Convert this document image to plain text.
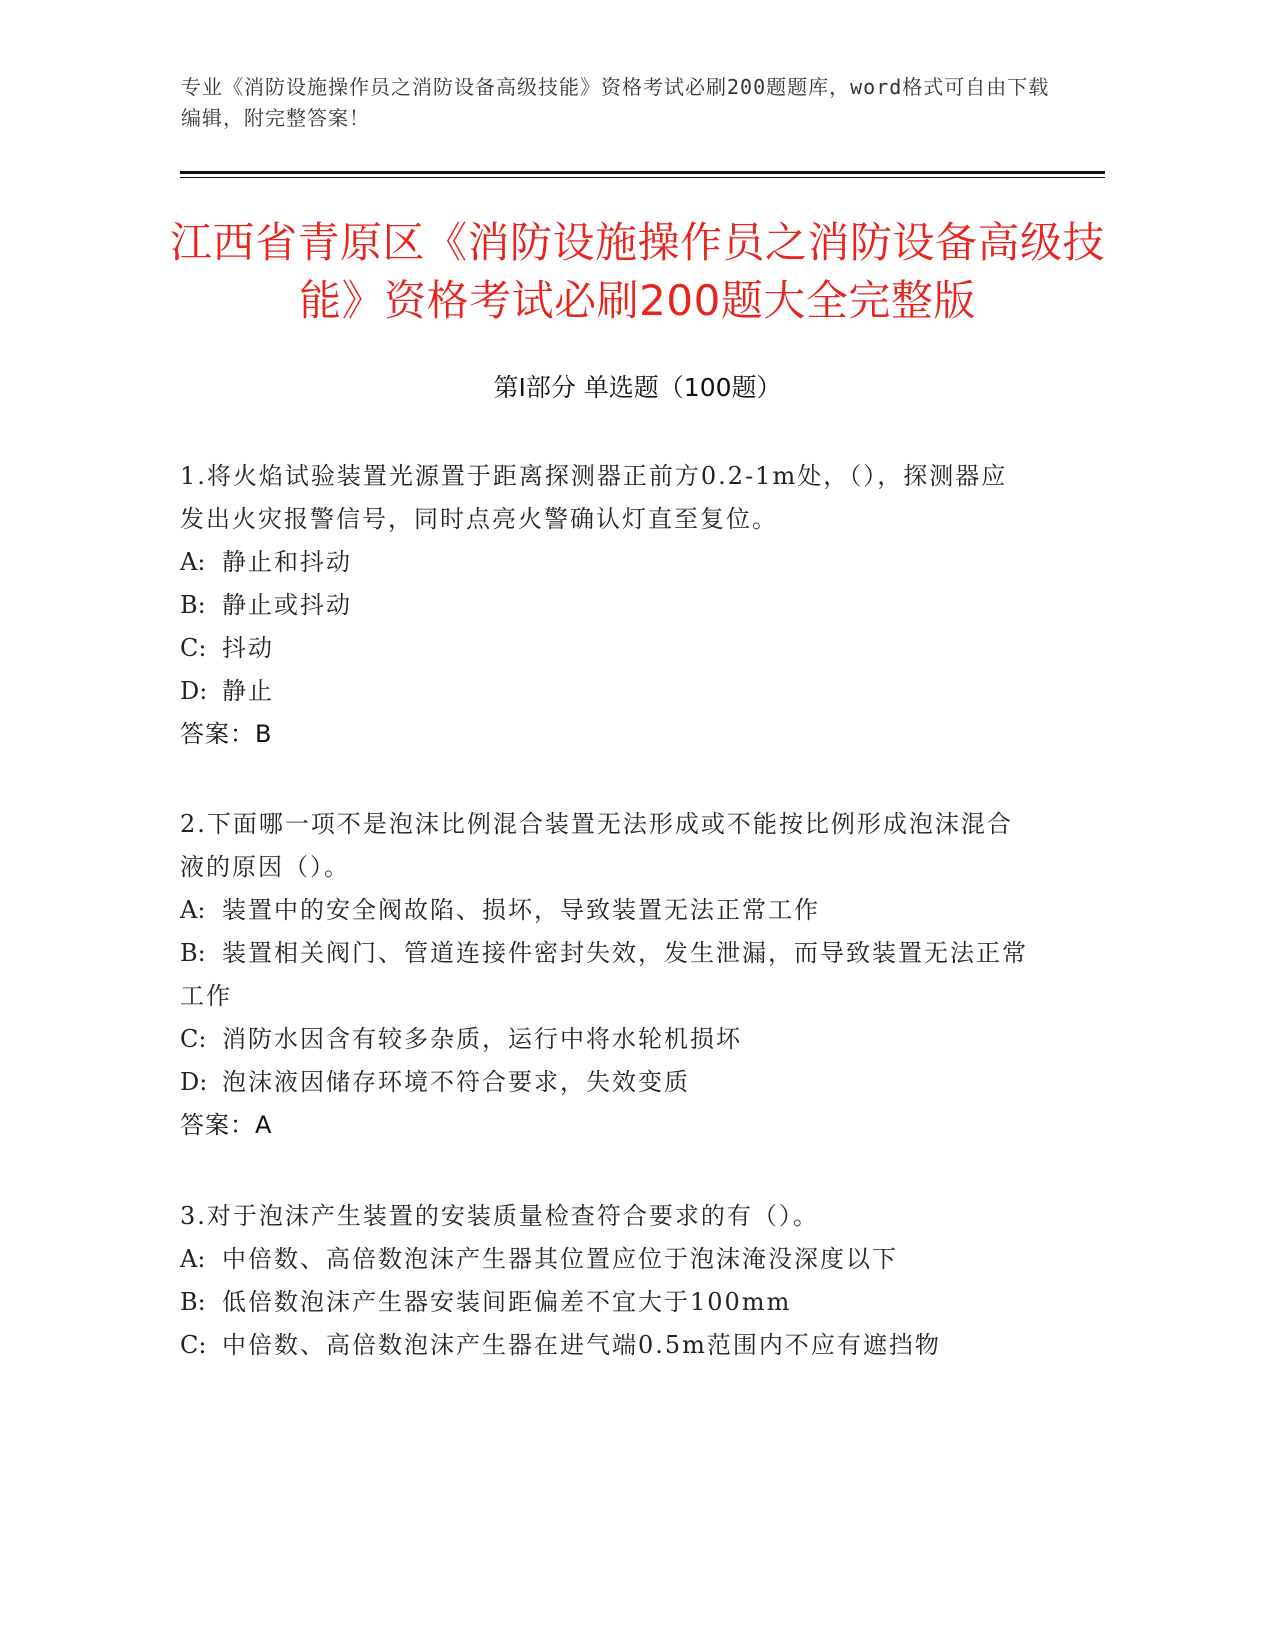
专业《消防设施操作员之消防设备高级技能》资格考试必刷200题题库，word格式可自由下载编辑，附完整答案！
江西省青原区《消防设施操作员之消防设备高级技能》资格考试必刷200题大全完整版
第Ⅰ部分 单选题（100题）
1.将火焰试验装置光源置于距离探测器正前方0.2-1m处，（），探测器应发出火灾报警信号，同时点亮火警确认灯直至复位。
A: 静止和抖动
B: 静止或抖动
C: 抖动
D: 静止
答案：B
2.下面哪一项不是泡沫比例混合装置无法形成或不能按比例形成泡沫混合液的原因（）。
A: 装置中的安全阀故陷、损坏，导致装置无法正常工作
B: 装置相关阀门、管道连接件密封失效，发生泄漏，而导致装置无法正常工作
C: 消防水因含有较多杂质，运行中将水轮机损坏
D: 泡沫液因储存环境不符合要求，失效变质
答案：A
3.对于泡沫产生装置的安装质量检查符合要求的有（）。
A: 中倍数、高倍数泡沫产生器其位置应位于泡沫淹没深度以下
B: 低倍数泡沫产生器安装间距偏差不宜大于100mm
C: 中倍数、高倍数泡沫产生器在进气端0.5m范围内不应有遮挡物
